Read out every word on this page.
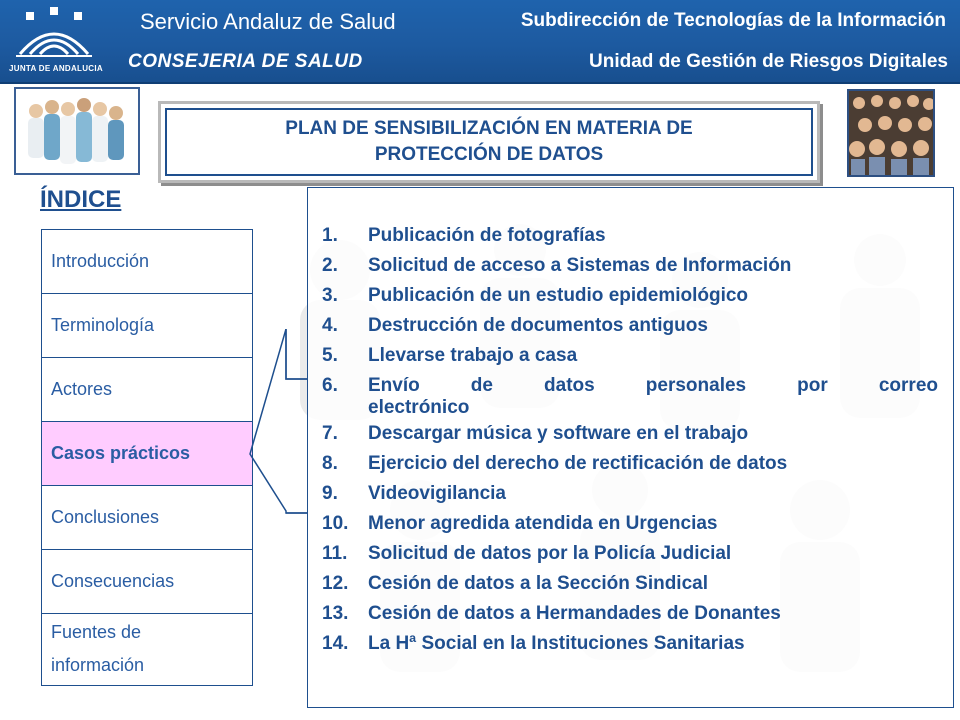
JUNTA DE ANDALUCIA
Servicio Andaluz de Salud
CONSEJERIA DE SALUD
Subdirección de Tecnologías de la Información
Unidad de Gestión de Riesgos Digitales
PLAN DE SENSIBILIZACIÓN EN MATERIA DE
PROTECCIÓN DE DATOS
ÍNDICE
Introducción
Terminología
Actores
Casos prácticos
Conclusiones
Consecuencias
Fuentes de
información
1.	Publicación de fotografías
2.	Solicitud de acceso a Sistemas de Información
3.	Publicación de un estudio epidemiológico
4.	Destrucción de documentos antiguos
5.	Llevarse trabajo a casa
6.	Envío de datos personales por correo
electrónico
7.	Descargar música y software en el trabajo
8.	Ejercicio del derecho de rectificación de datos
9.	Videovigilancia
10.	Menor agredida atendida en Urgencias
11.	Solicitud de datos por la Policía Judicial
12.	Cesión de datos a la Sección Sindical
13.	Cesión de datos a Hermandades de Donantes
14.	La Hª Social en la Instituciones Sanitarias
